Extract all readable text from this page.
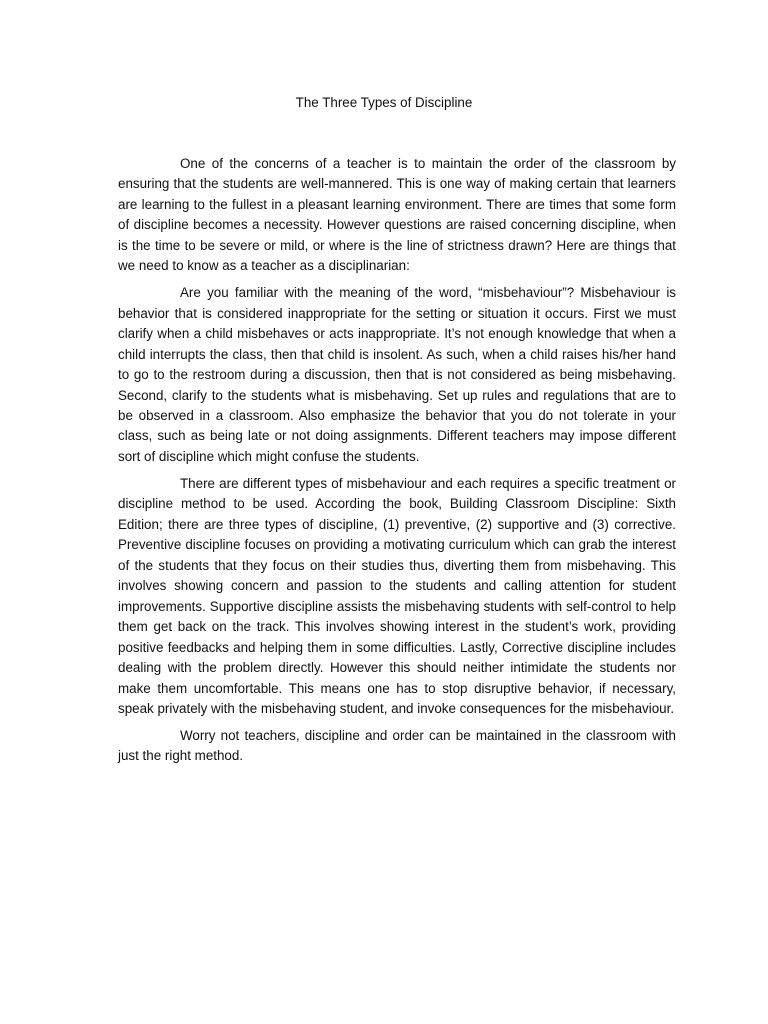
The Three Types of Discipline

One of the concerns of a teacher is to maintain the order of the classroom by ensuring that the students are well-mannered. This is one way of making certain that learners are learning to the fullest in a pleasant learning environment. There are times that some form of discipline becomes a necessity. However questions are raised concerning discipline, when is the time to be severe or mild, or where is the line of strictness drawn? Here are things that we need to know as a teacher as a disciplinarian:

Are you familiar with the meaning of the word, “misbehaviour”? Misbehaviour is behavior that is considered inappropriate for the setting or situation it occurs. First we must clarify when a child misbehaves or acts inappropriate. It’s not enough knowledge that when a child interrupts the class, then that child is insolent. As such, when a child raises his/her hand to go to the restroom during a discussion, then that is not considered as being misbehaving. Second, clarify to the students what is misbehaving. Set up rules and regulations that are to be observed in a classroom. Also emphasize the behavior that you do not tolerate in your class, such as being late or not doing assignments. Different teachers may impose different sort of discipline which might confuse the students.

There are different types of misbehaviour and each requires a specific treatment or discipline method to be used. According the book, Building Classroom Discipline: Sixth Edition; there are three types of discipline, (1) preventive, (2) supportive and (3) corrective. Preventive discipline focuses on providing a motivating curriculum which can grab the interest of the students that they focus on their studies thus, diverting them from misbehaving. This involves showing concern and passion to the students and calling attention for student improvements. Supportive discipline assists the misbehaving students with self-control to help them get back on the track. This involves showing interest in the student’s work, providing positive feedbacks and helping them in some difficulties. Lastly, Corrective discipline includes dealing with the problem directly. However this should neither intimidate the students nor make them uncomfortable. This means one has to stop disruptive behavior, if necessary, speak privately with the misbehaving student, and invoke consequences for the misbehaviour.

Worry not teachers, discipline and order can be maintained in the classroom with just the right method.
